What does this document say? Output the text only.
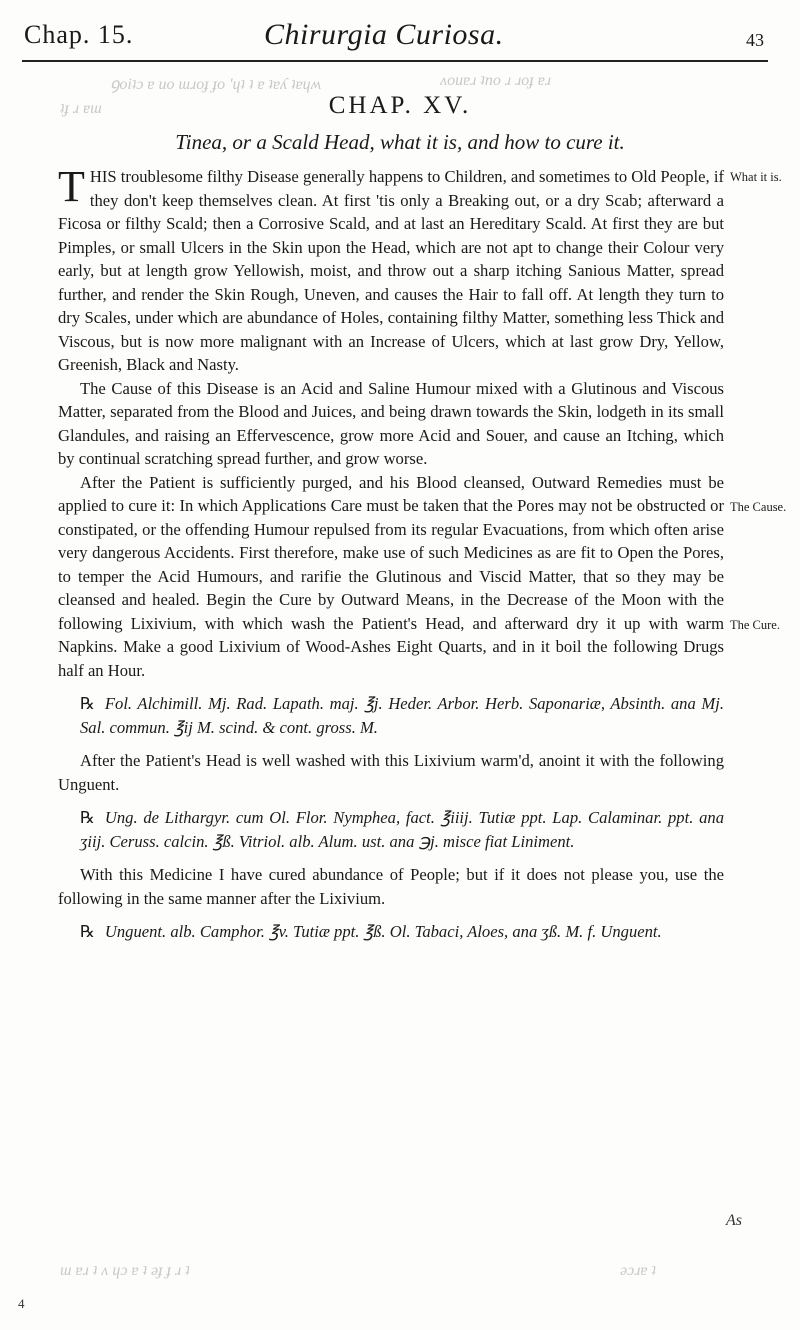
ꝯoiʇɔ ɐ uo ɯɹoɟ ɟo 'ɥʇ ʇ ɐ ʇɐʎ ʇɐɥʍ	ʌouɐɹ ʇno ɹ ɹoɟ ɐɹ
ʇɟ ɹ ɐɯ
ɯ ɐɹ ʇ ʌ ɥɔ ɐ ʇ ǝɟ ɟ ɹ ʇ	ǝɔɹɐ ʇ
Chap. 15.	Chirurgia Curiosa.	43
CHAP. XV.
Tinea, or a Scald Head, what it is, and how to cure it.
What it is.
The Cause.
The Cure.

THIS troublesome filthy Disease generally happens to Children, and sometimes to Old People, if they don't keep themselves clean. At first 'tis only a Breaking out, or a dry Scab; afterward a Ficosa or filthy Scald; then a Corrosive Scald, and at last an Hereditary Scald. At first they are but Pimples, or small Ulcers in the Skin upon the Head, which are not apt to change their Colour very early, but at length grow Yellowish, moist, and throw out a sharp itching Sanious Matter, spread further, and render the Skin Rough, Uneven, and causes the Hair to fall off. At length they turn to dry Scales, under which are abundance of Holes, containing filthy Matter, something less Thick and Viscous, but is now more malignant with an Increase of Ulcers, which at last grow Dry, Yellow, Greenish, Black and Nasty.

The Cause of this Disease is an Acid and Saline Humour mixed with a Glutinous and Viscous Matter, separated from the Blood and Juices, and being drawn towards the Skin, lodgeth in its small Glandules, and raising an Effervescence, grow more Acid and Souer, and cause an Itching, which by continual scratching spread further, and grow worse.

After the Patient is sufficiently purged, and his Blood cleansed, Outward Remedies must be applied to cure it: In which Applications Care must be taken that the Pores may not be obstructed or constipated, or the offending Humour repulsed from its regular Evacuations, from which often arise very dangerous Accidents. First therefore, make use of such Medicines as are fit to Open the Pores, to temper the Acid Humours, and rarifie the Glutinous and Viscid Matter, that so they may be cleansed and healed. Begin the Cure by Outward Means, in the Decrease of the Moon with the following Lixivium, with which wash the Patient's Head, and afterward dry it up with warm Napkins. Make a good Lixivium of Wood-Ashes Eight Quarts, and in it boil the following Drugs half an Hour.

℞ Fol. Alchimill. Mj. Rad. Lapath. maj. ℥j. Heder. Arbor. Herb. Saponariæ, Absinth. ana Mj. Sal. commun. ℥ij M. scind. & cont. gross. M.

After the Patient's Head is well washed with this Lixivium warm'd, anoint it with the following Unguent.

℞ Ung. de Lithargyr. cum Ol. Flor. Nymphea, fact. ℥iiij. Tutiæ ppt. Lap. Calaminar. ppt. ana ʒiij. Ceruss. calcin. ℥ß. Vitriol. alb. Alum. ust. ana ℈j. misce fiat Liniment.

With this Medicine I have cured abundance of People; but if it does not please you, use the following in the same manner after the Lixivium.

℞ Unguent. alb. Camphor. ℥v. Tutiæ ppt. ℥ß. Ol. Tabaci, Aloes, ana ʒß. M. f. Unguent.

As
4
